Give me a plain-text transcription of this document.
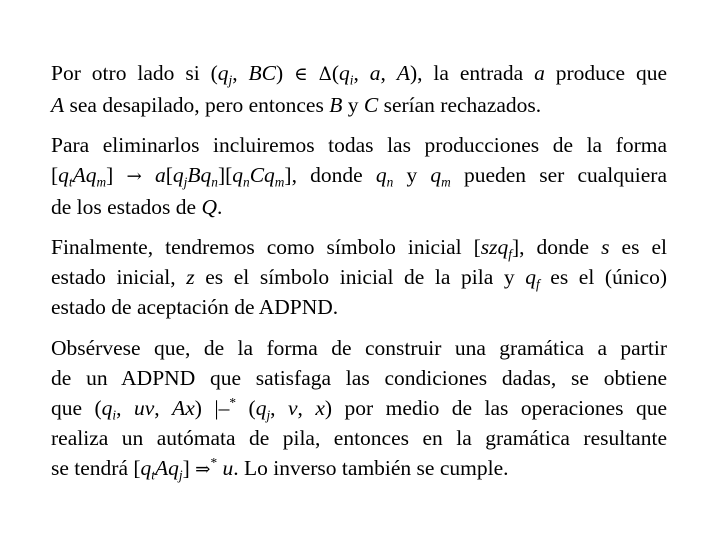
Por otro lado si ($q_j$, BC) ∈ $\Delta(q_i$, a, A), la entrada a produce que
A sea desapilado, pero entonces B y C serían rechazados.

Para eliminarlos incluiremos todas las producciones de la forma
$[q_tAq_m] \to a[q_jBq_n][q_nCq_m]$, donde $q_n$ y $q_m$ pueden ser cualquiera
de los estados de Q.

Finalmente, tendremos como símbolo inicial [szq$_f$], donde s es el
estado inicial, z es el símbolo inicial de la pila y $q_f$ es el (único)
estado de aceptación de ADPND.

Obsérvese que, de la forma de construir una gramática a partir
de un ADPND que satisfaga las condiciones dadas, se obtiene
que ($q_i$, uv, Ax) |–* ($q_j$, v, x) por medio de las operaciones que
realiza un autómata de pila, entonces en la gramática resultante
se tendrá $[q_tAq_j]$ ⇒* u. Lo inverso también se cumple.
